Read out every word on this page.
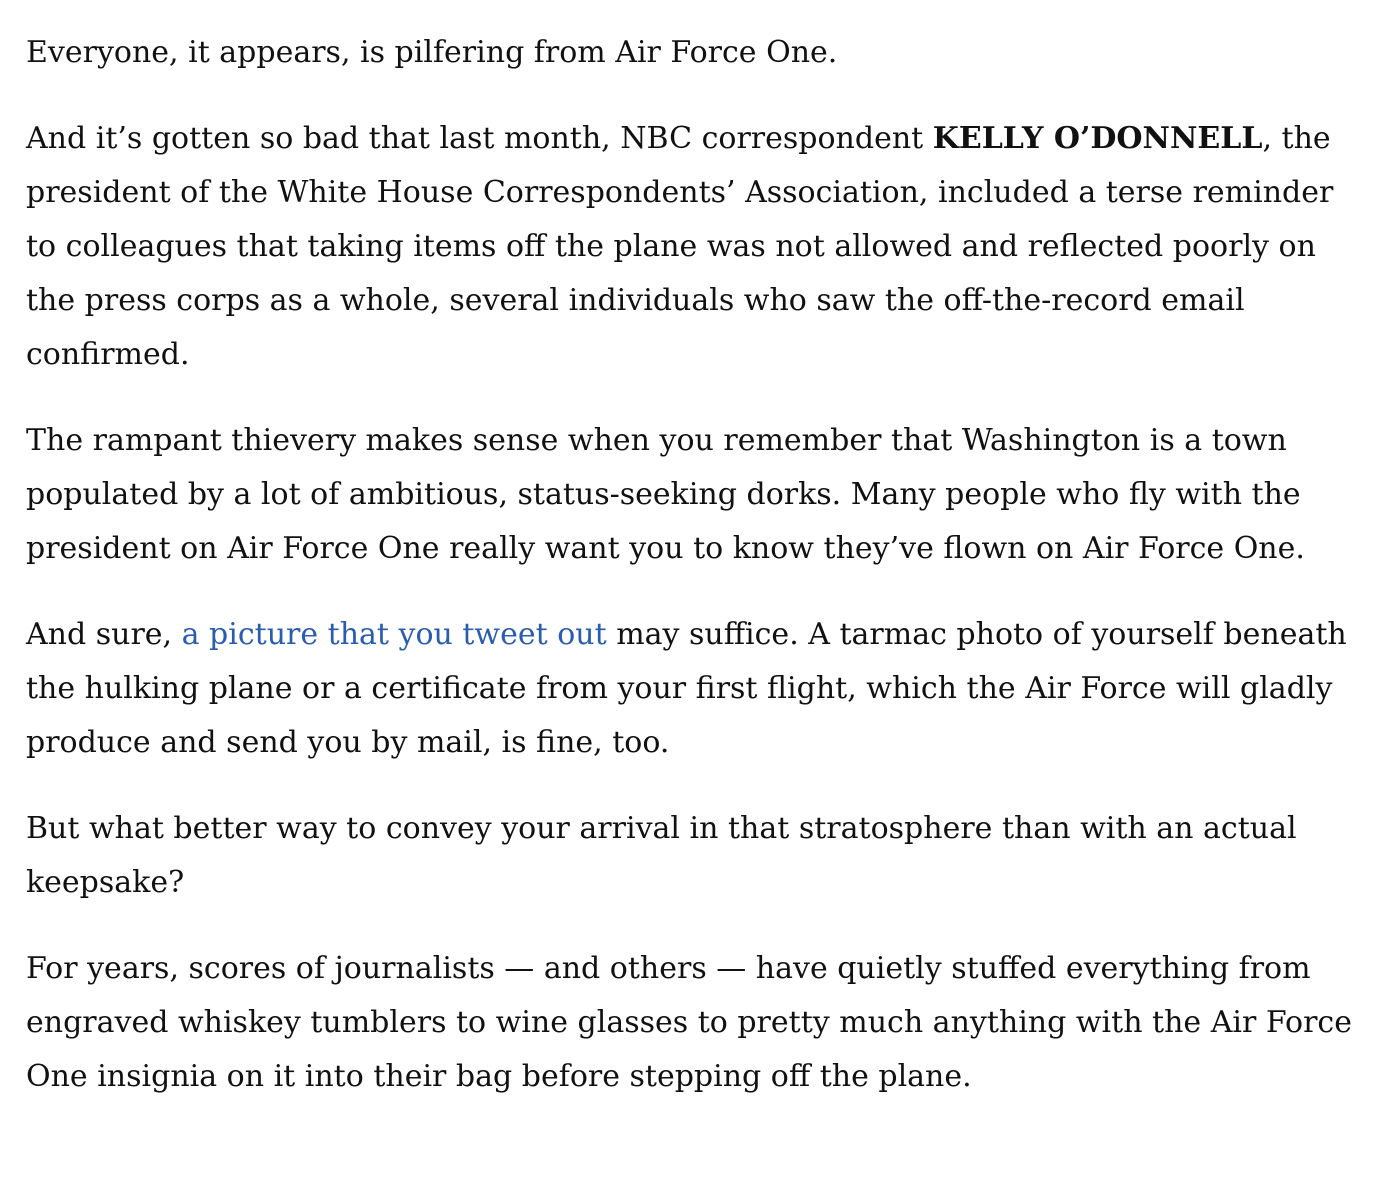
Everyone, it appears, is pilfering from Air Force One.

And it’s gotten so bad that last month, NBC correspondent KELLY O’DONNELL, the president of the White House Correspondents’ Association, included a terse reminder to colleagues that taking items off the plane was not allowed and reflected poorly on the press corps as a whole, several individuals who saw the off-the-record email confirmed.

The rampant thievery makes sense when you remember that Washington is a town populated by a lot of ambitious, status-seeking dorks. Many people who fly with the president on Air Force One really want you to know they’ve flown on Air Force One.

And sure, a picture that you tweet out may suffice. A tarmac photo of yourself beneath the hulking plane or a certificate from your first flight, which the Air Force will gladly produce and send you by mail, is fine, too.

But what better way to convey your arrival in that stratosphere than with an actual keepsake?

For years, scores of journalists — and others — have quietly stuffed everything from engraved whiskey tumblers to wine glasses to pretty much anything with the Air Force One insignia on it into their bag before stepping off the plane.
